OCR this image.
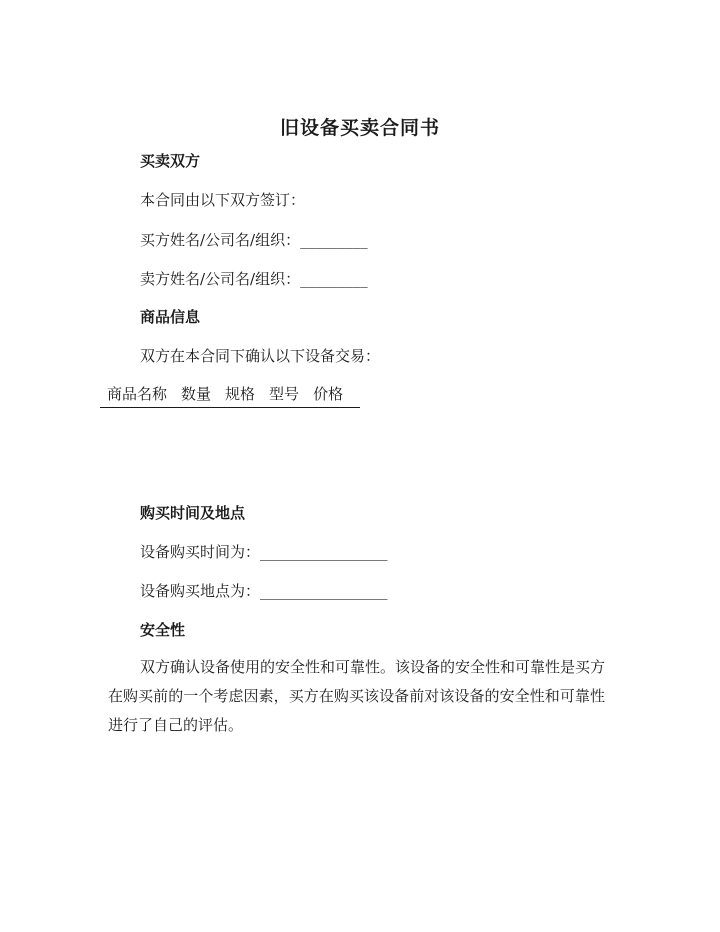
旧设备买卖合同书
买卖双方

本合同由以下双方签订：

买方姓名/公司名/组织：_________

卖方姓名/公司名/组织：_________

商品信息

双方在本合同下确认以下设备交易：

商品名称 数量 规格 型号 价格
购买时间及地点

设备购买时间为：_________________

设备购买地点为：_________________

安全性

双方确认设备使用的安全性和可靠性。该设备的安全性和可靠性是买方在购买前的一个考虑因素，买方在购买该设备前对该设备的安全性和可靠性进行了自己的评估。
